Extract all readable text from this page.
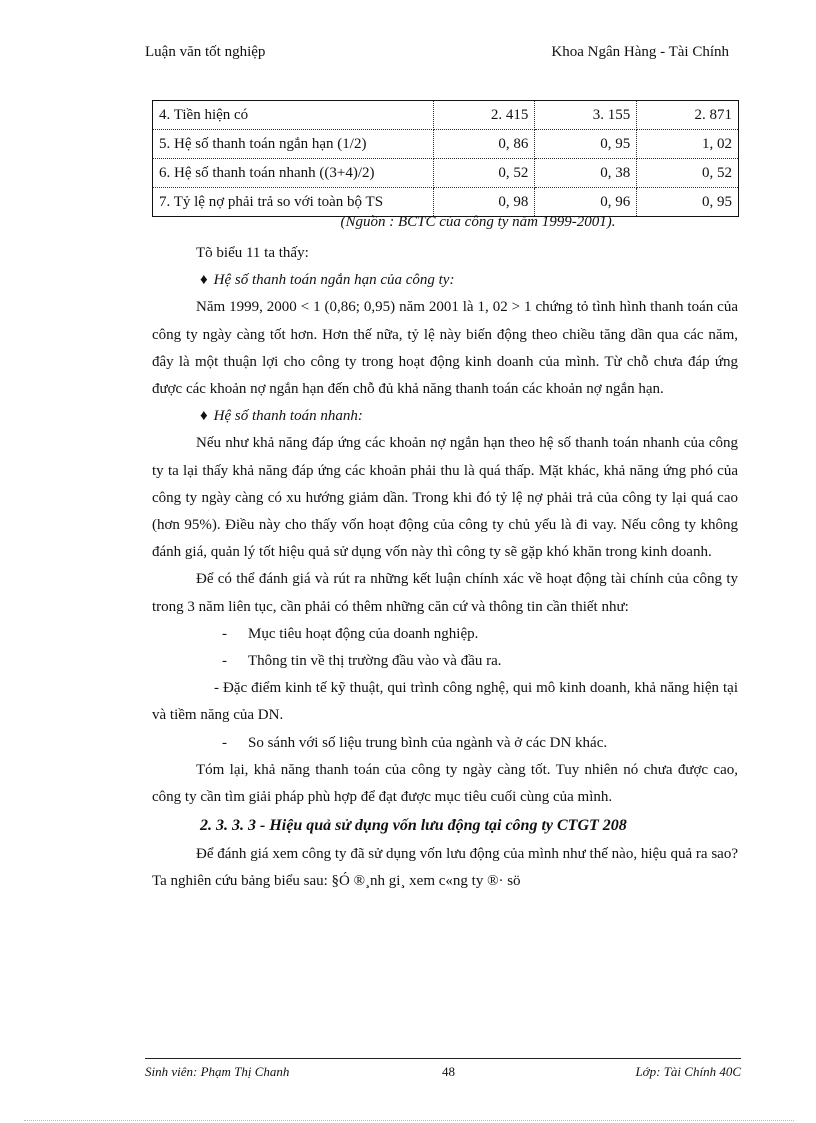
Luận văn tốt nghiệp	Khoa Ngân Hàng - Tài Chính
4. Tiền hiện có	2. 415	3. 155	2. 871
5. Hệ số thanh toán ngắn hạn (1/2)	0, 86	0, 95	1, 02
6. Hệ số thanh toán nhanh ((3+4)/2)	0, 52	0, 38	0, 52
7. Tỷ lệ nợ phải trả so với toàn bộ TS	0, 98	0, 96	0, 95
(Nguồn : BCTC của công ty năm 1999-2001).

Tõ biểu 11 ta thấy:

♦ Hệ số thanh toán ngắn hạn của công ty:

Năm 1999, 2000 < 1 (0,86; 0,95) năm 2001 là 1, 02 > 1 chứng tỏ tình hình thanh toán của công ty ngày càng tốt hơn. Hơn thế nữa, tỷ lệ này biến động theo chiều tăng dần qua các năm, đây là một thuận lợi cho công ty trong hoạt động kinh doanh của mình. Từ chỗ chưa đáp ứng được các khoản nợ ngắn hạn đến chỗ đủ khả năng thanh toán các khoản nợ ngắn hạn.

♦ Hệ số thanh toán nhanh:

Nếu như khả năng đáp ứng các khoản nợ ngắn hạn theo hệ số thanh toán nhanh của công ty ta lại thấy khả năng đáp ứng các khoản phải thu là quá thấp. Mặt khác, khả năng ứng phó của công ty ngày càng có xu hướng giảm dần. Trong khi đó tỷ lệ nợ phải trả của công ty lại quá cao (hơn 95%). Điều này cho thấy vốn hoạt động của công ty chủ yếu là đi vay. Nếu công ty không đánh giá, quản lý tốt hiệu quả sử dụng vốn này thì công ty sẽ gặp khó khăn trong kinh doanh.

Để có thể đánh giá và rút ra những kết luận chính xác về hoạt động tài chính của công ty trong 3 năm liên tục, cần phải có thêm những căn cứ và thông tin cần thiết như:

- Mục tiêu hoạt động của doanh nghiệp.

- Thông tin về thị trường đầu vào và đầu ra.

- Đặc điểm kinh tế kỹ thuật, qui trình công nghệ, qui mô kinh doanh, khả năng hiện tại và tiềm năng của DN.

- So sánh với số liệu trung bình của ngành và ở các DN khác.

Tóm lại, khả năng thanh toán của công ty ngày càng tốt. Tuy nhiên nó chưa được cao, công ty cần tìm giải pháp phù hợp để đạt được mục tiêu cuối cùng của mình.

2. 3. 3. 3 - Hiệu quả sử dụng vốn lưu động tại công ty CTGT 208

Để đánh giá xem công ty đã sử dụng vốn lưu động của mình như thế nào, hiệu quả ra sao? Ta nghiên cứu bảng biểu sau: §Ó ®¸nh gi¸ xem c«ng ty ®· sö

Sinh viên: Phạm Thị Chanh	48	Lớp: Tài Chính 40C
